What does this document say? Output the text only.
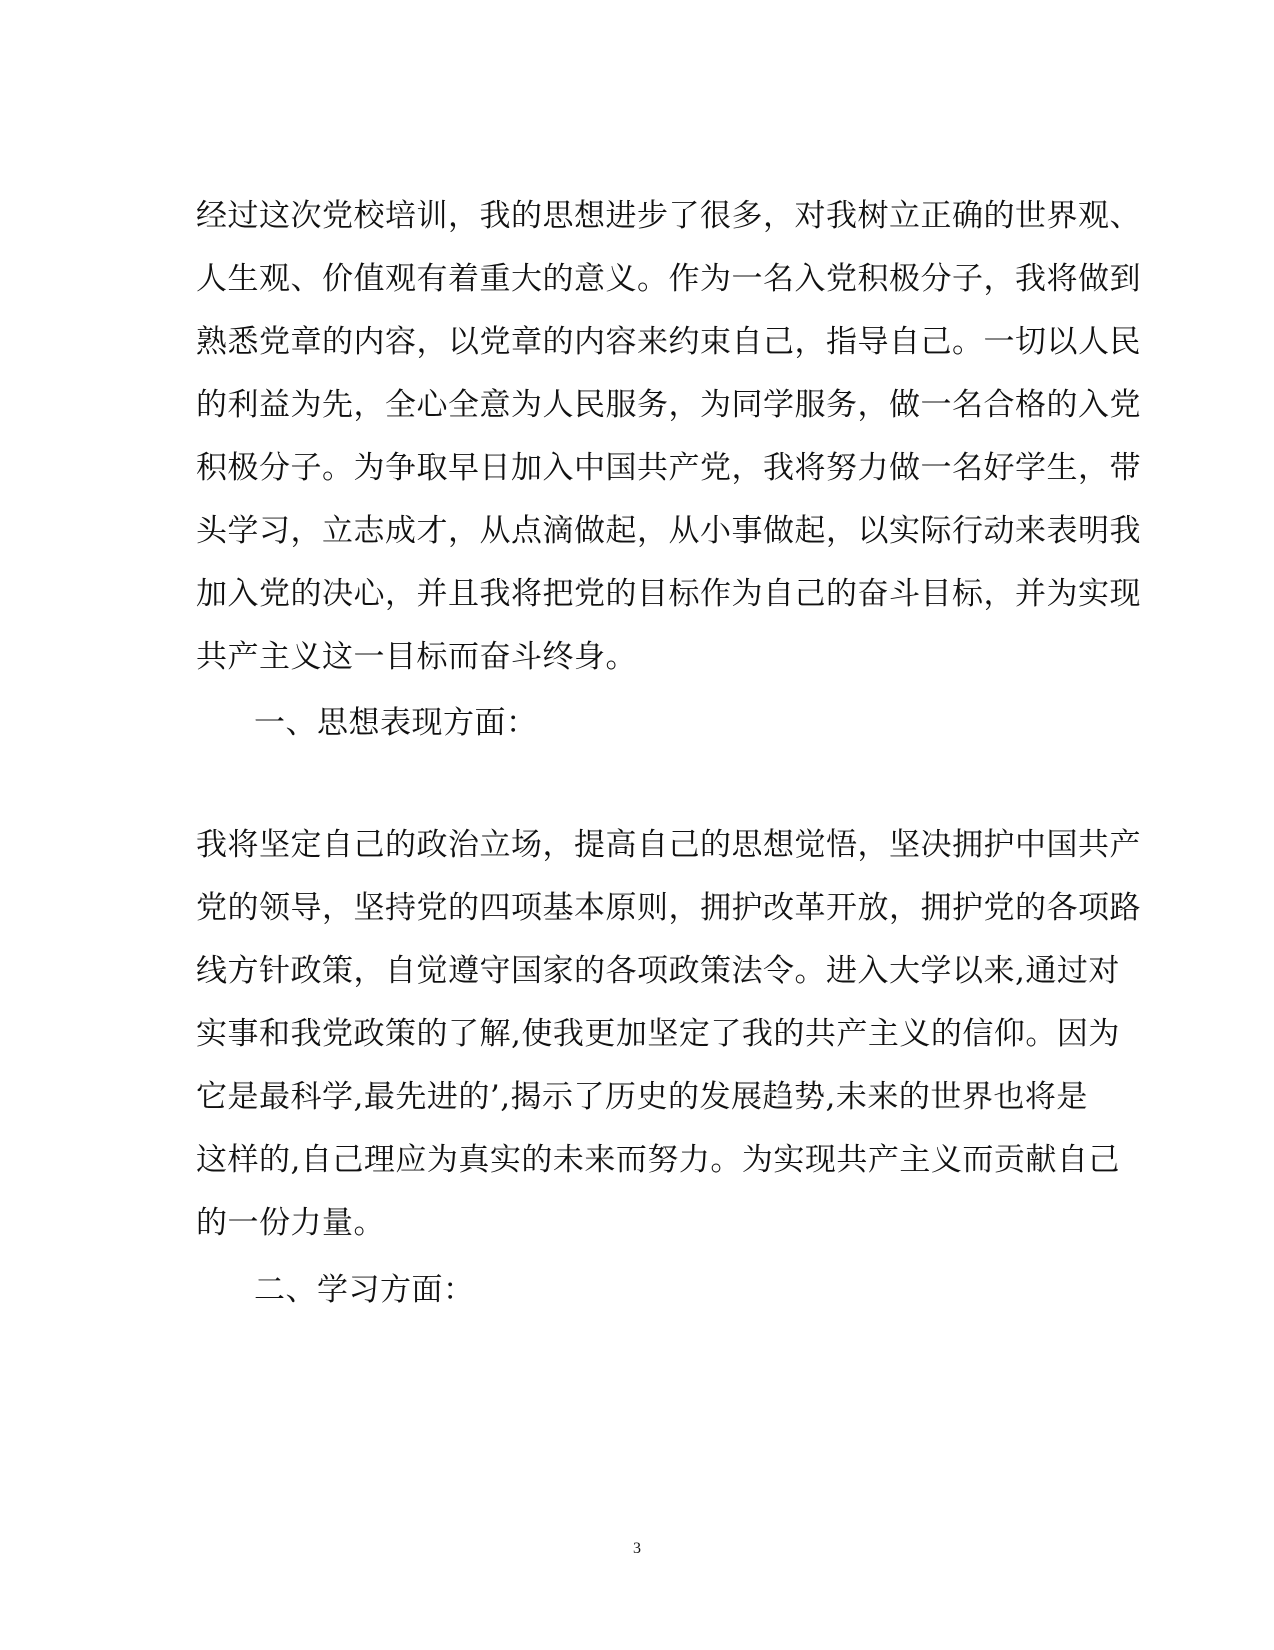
经过这次党校培训，我的思想进步了很多，对我树立正确的世界观、
人生观、价值观有着重大的意义。作为一名入党积极分子，我将做到
熟悉党章的内容，以党章的内容来约束自己，指导自己。一切以人民
的利益为先，全心全意为人民服务，为同学服务，做一名合格的入党
积极分子。为争取早日加入中国共产党，我将努力做一名好学生，带
头学习，立志成才，从点滴做起，从小事做起，以实际行动来表明我
加入党的决心，并且我将把党的目标作为自己的奋斗目标，并为实现
共产主义这一目标而奋斗终身。
一、思想表现方面：
我将坚定自己的政治立场，提高自己的思想觉悟，坚决拥护中国共产
党的领导，坚持党的四项基本原则，拥护改革开放，拥护党的各项路
线方针政策，自觉遵守国家的各项政策法令。进入大学以来,通过对
实事和我党政策的了解,使我更加坚定了我的共产主义的信仰。因为
它是最科学,最先进的’,揭示了历史的发展趋势,未来的世界也将是
这样的,自己理应为真实的未来而努力。为实现共产主义而贡献自己
的一份力量。
二、学习方面：
3
